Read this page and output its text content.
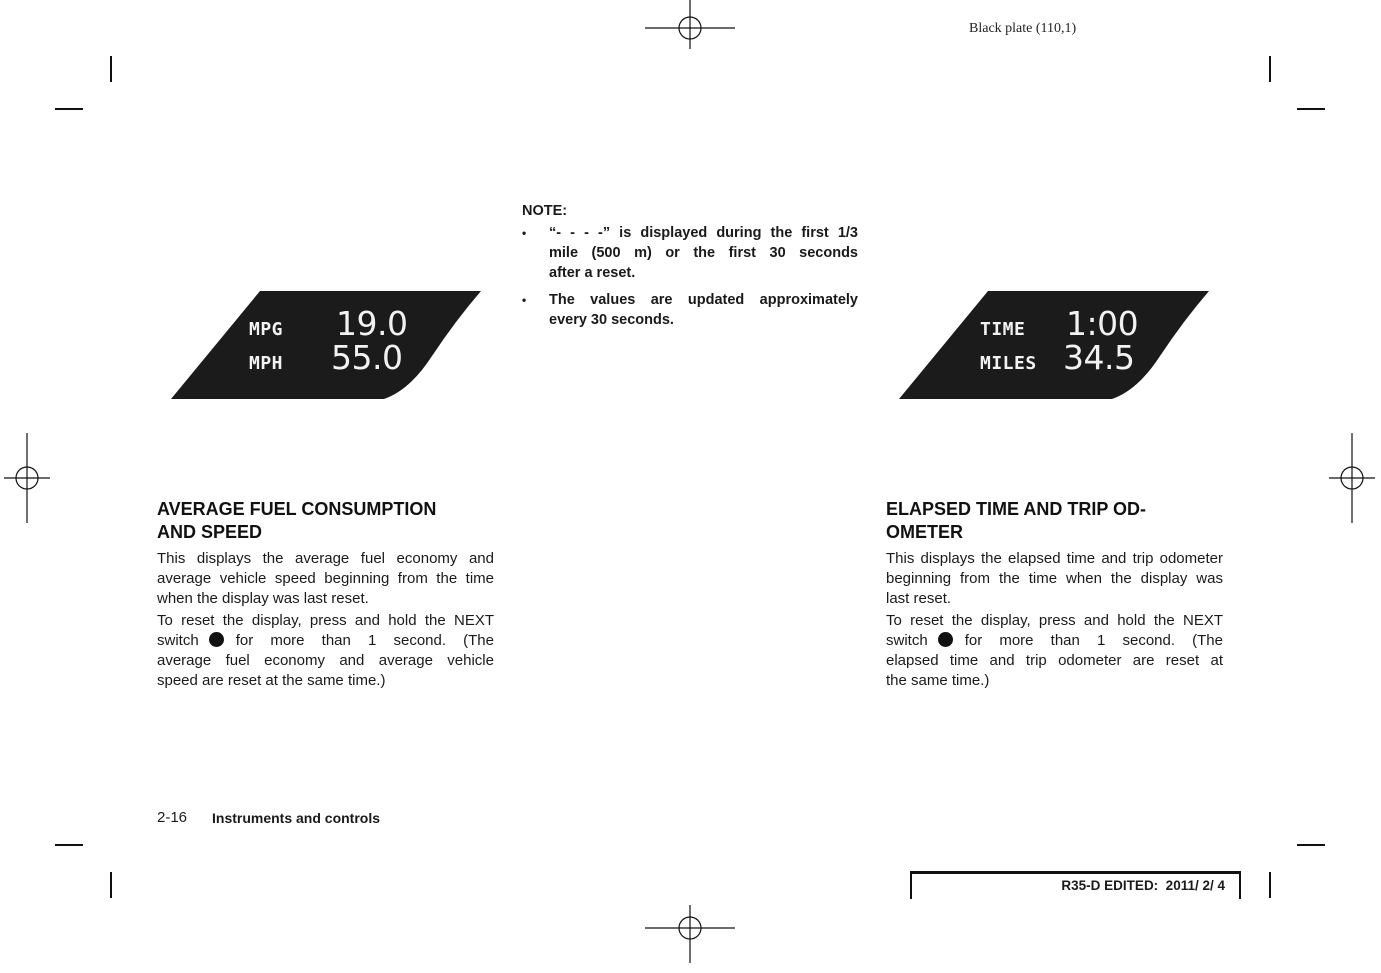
Black plate (110,1)
MPG 19.0
MPH 55.0
TIME 1:00
MILES 34.5
NOTE:
• “- - - -” is displayed during the first 1/3
mile (500 m) or the first 30 seconds
after a reset.
• The values are updated approximately
every 30 seconds.
AVERAGE FUEL CONSUMPTION
AND SPEED
This displays the average fuel economy and
average vehicle speed beginning from the time
when the display was last reset.
To reset the display, press and hold the NEXT
switch for more than 1 second. (The
average fuel economy and average vehicle
speed are reset at the same time.)
ELAPSED TIME AND TRIP OD-
OMETER
This displays the elapsed time and trip odometer
beginning from the time when the display was
last reset.
To reset the display, press and hold the NEXT
switch for more than 1 second. (The
elapsed time and trip odometer are reset at
the same time.)
2-16 Instruments and controls
R35-D EDITED:  2011/ 2/ 4
